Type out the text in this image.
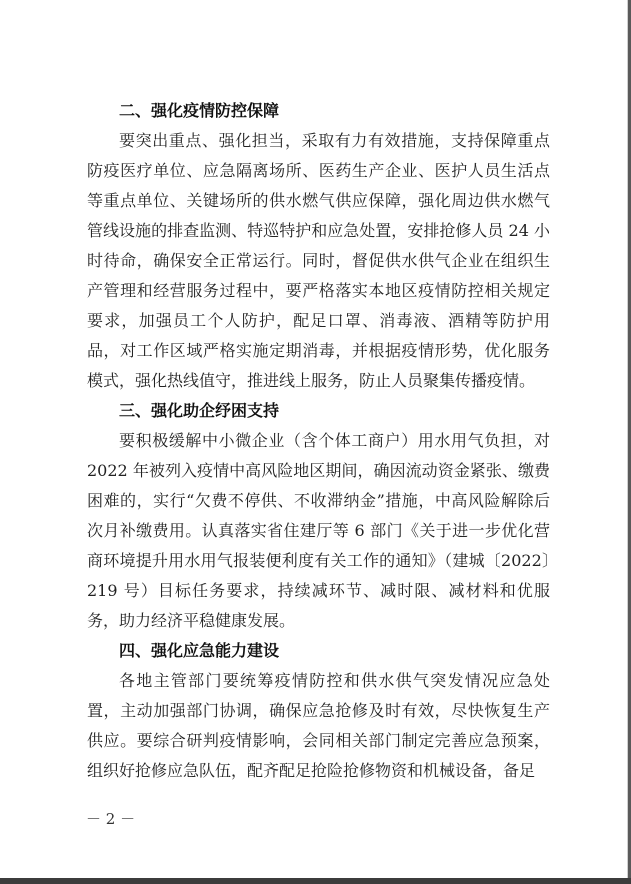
二、强化疫情防控保障

要突出重点、强化担当，采取有力有效措施，支持保障重点防疫医疗单位、应急隔离场所、医药生产企业、医护人员生活点等重点单位、关键场所的供水燃气供应保障，强化周边供水燃气管线设施的排查监测、特巡特护和应急处置，安排抢修人员 24 小时待命，确保安全正常运行。同时，督促供水供气企业在组织生产管理和经营服务过程中，要严格落实本地区疫情防控相关规定要求，加强员工个人防护，配足口罩、消毒液、酒精等防护用品，对工作区域严格实施定期消毒，并根据疫情形势，优化服务模式，强化热线值守，推进线上服务，防止人员聚集传播疫情。

三、强化助企纾困支持

要积极缓解中小微企业（含个体工商户）用水用气负担，对 2022 年被列入疫情中高风险地区期间，确因流动资金紧张、缴费困难的，实行“欠费不停供、不收滞纳金”措施，中高风险解除后次月补缴费用。认真落实省住建厅等 6 部门《关于进一步优化营商环境提升用水用气报装便利度有关工作的通知》（建城〔2022〕219 号）目标任务要求，持续减环节、减时限、减材料和优服务，助力经济平稳健康发展。

四、强化应急能力建设

各地主管部门要统筹疫情防控和供水供气突发情况应急处置，主动加强部门协调，确保应急抢修及时有效，尽快恢复生产供应。要综合研判疫情影响，会同相关部门制定完善应急预案，组织好抢修应急队伍，配齐配足抢险抢修物资和机械设备，备足

－ 2 －
